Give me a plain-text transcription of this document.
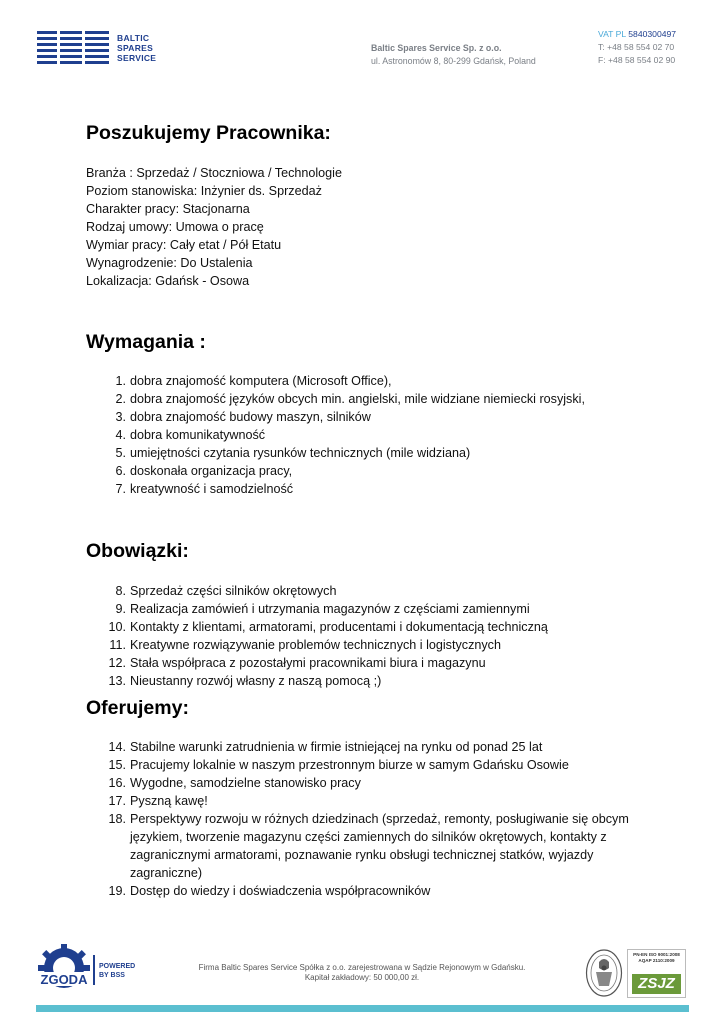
BALTIC
SPARES
SERVICE
Baltic Spares Service Sp. z o.o.
ul. Astronomów 8, 80-299 Gdańsk, Poland
VAT PL 5840300497
T: +48 58 554 02 70
F: +48 58 554 02 90
Poszukujemy Pracownika:
Branża : Sprzedaż / Stoczniowa / Technologie
Poziom stanowiska: Inżynier ds. Sprzedaż
Charakter pracy: Stacjonarna
Rodzaj umowy: Umowa o pracę
Wymiar pracy: Cały etat / Pół Etatu
Wynagrodzenie: Do Ustalenia
Lokalizacja: Gdańsk - Osowa
Wymagania :
1 . dobra znajomość komputera (Microsoft Office),
2 . dobra znajomość języków obcych min. angielski, mile widziane niemiecki rosyjski,
3 . dobra znajomość budowy maszyn, silników
4 . dobra komunikatywność
5 . umiejętności czytania rysunków technicznych (mile widziana)
6 . doskonała organizacja pracy,
7 . kreatywność i samodzielność
Obowiązki:
8 . Sprzedaż części silników okrętowych
9 . Realizacja zamówień i utrzymania magazynów z częściami zamiennymi
10 . Kontakty z klientami, armatorami, producentami i dokumentacją techniczną
11 . Kreatywne rozwiązywanie problemów technicznych i logistycznych
12 . Stała współpraca z pozostałymi pracownikami biura i magazynu
13 . Nieustanny rozwój własny z naszą pomocą ;)
Oferujemy:
14 . Stabilne warunki zatrudnienia w firmie istniejącej na rynku od ponad 25 lat
15 . Pracujemy lokalnie w naszym przestronnym biurze w samym Gdańsku Osowie
16 . Wygodne, samodzielne stanowisko pracy
17 . Pyszną kawę!
18 . Perspektywy rozwoju w różnych dziedzinach (sprzedaż, remonty, posługiwanie się obcym językiem, tworzenie magazynu części zamiennych do silników okrętowych, kontakty z zagranicznymi armatorami, poznawanie rynku obsługi technicznej statków, wyjazdy zagraniczne)
19 . Dostęp do wiedzy i doświadczenia współpracowników
ZGODA
POWERED
BY BSS
Firma Baltic Spares Service Spółka z o.o. zarejestrowana w Sądzie Rejonowym w Gdańsku.
Kapitał zakładowy: 50 000,00 zł.
PN-EN ISO 9001:2008
AQAP 2110:2009
ZSJZ
